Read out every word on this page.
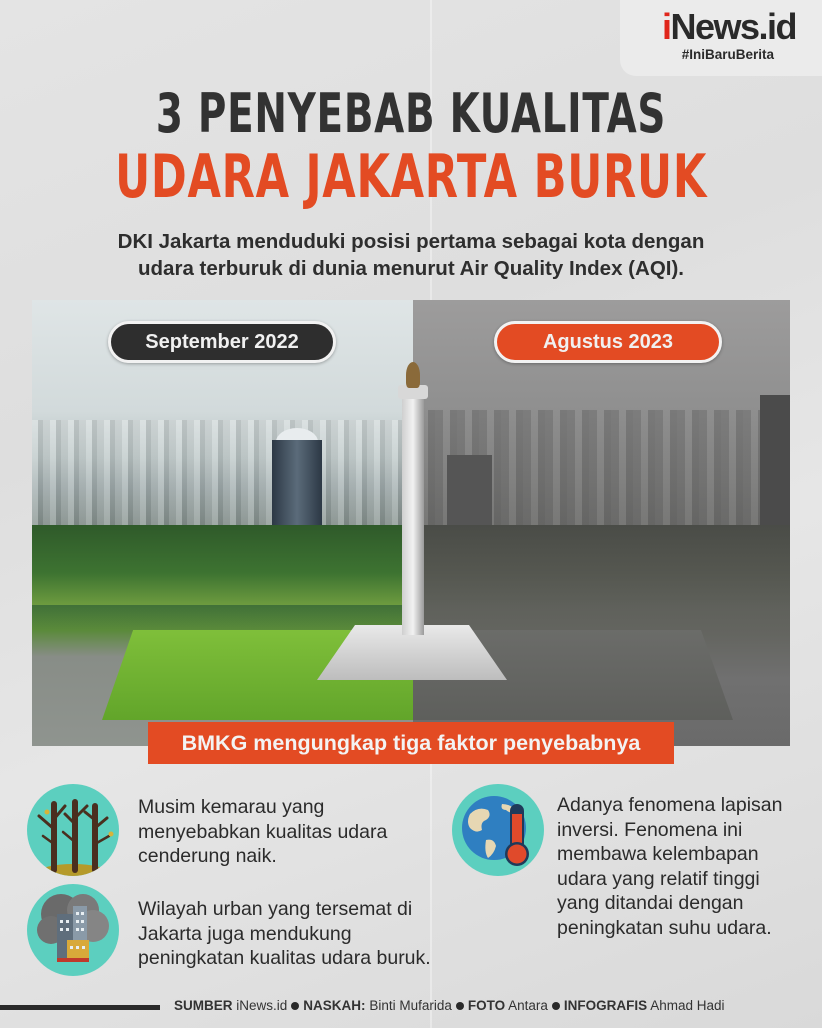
iNews.id
#IniBaruBerita
3 PENYEBAB KUALITAS
UDARA JAKARTA BURUK
DKI Jakarta menduduki posisi pertama sebagai kota dengan
udara terburuk di dunia menurut Air Quality Index (AQI).
September 2022	Agustus 2023
BMKG mengungkap tiga faktor penyebabnya
Musim kemarau yang menyebabkan kualitas udara cenderung naik.
Wilayah urban yang tersemat di Jakarta juga mendukung peningkatan kualitas udara buruk.
Adanya fenomena lapisan inversi. Fenomena ini membawa kelembapan udara yang relatif tinggi yang ditandai dengan peningkatan suhu udara.
SUMBER iNews.id NASKAH: Binti Mufarida FOTO Antara INFOGRAFIS Ahmad Hadi
